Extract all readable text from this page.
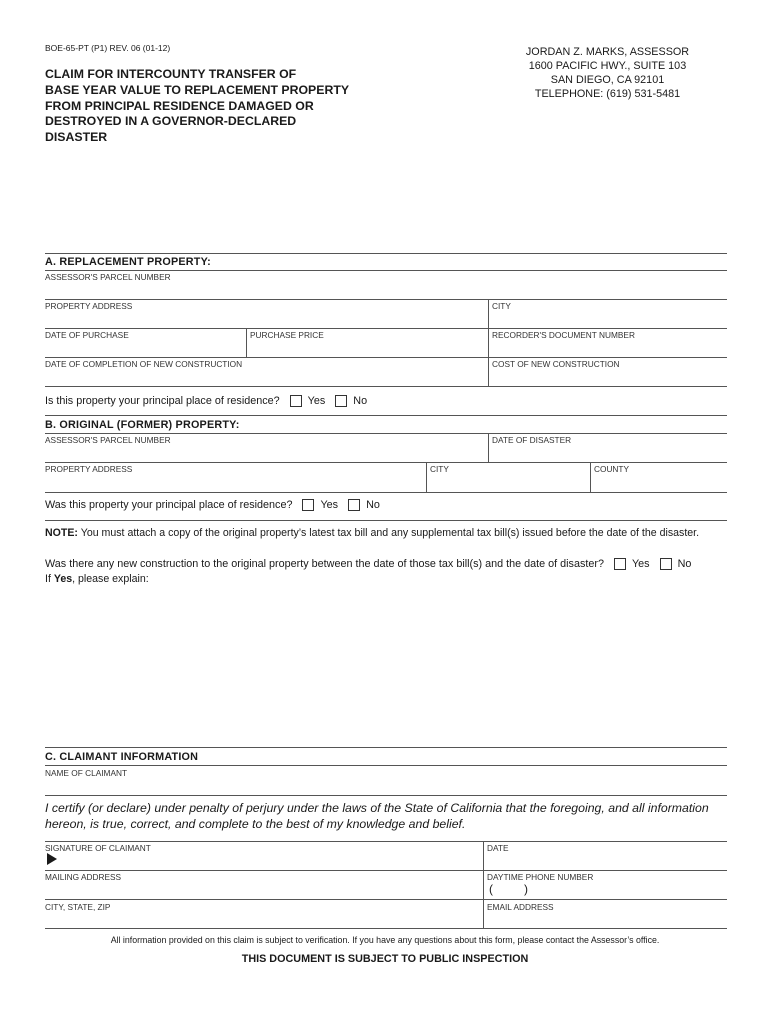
BOE-65-PT (P1) REV. 06 (01-12)
CLAIM FOR INTERCOUNTY TRANSFER OF
BASE YEAR VALUE TO REPLACEMENT PROPERTY
FROM PRINCIPAL RESIDENCE DAMAGED OR
DESTROYED IN A GOVERNOR-DECLARED
DISASTER
JORDAN Z. MARKS, ASSESSOR
1600 PACIFIC HWY., SUITE 103
SAN DIEGO, CA 92101
TELEPHONE: (619) 531-5481
A. REPLACEMENT PROPERTY:
ASSESSOR'S PARCEL NUMBER
PROPERTY ADDRESS	CITY
DATE OF PURCHASE	PURCHASE PRICE	RECORDER'S DOCUMENT NUMBER
DATE OF COMPLETION OF NEW CONSTRUCTION	COST OF NEW CONSTRUCTION
Is this property your principal place of residence?	Yes	No
B. ORIGINAL (FORMER) PROPERTY:
ASSESSOR'S PARCEL NUMBER	DATE OF DISASTER
PROPERTY ADDRESS	CITY	COUNTY
Was this property your principal place of residence?	Yes	No
NOTE: You must attach a copy of the original property’s latest tax bill and any supplemental tax bill(s) issued before the date of the disaster.
Was there any new construction to the original property between the date of those tax bill(s) and the date of disaster?	Yes	No
If Yes, please explain:
C. CLAIMANT INFORMATION
NAME OF CLAIMANT
I certify (or declare) under penalty of perjury under the laws of the State of California that the foregoing, and all information hereon, is true, correct, and complete to the best of my knowledge and belief.
SIGNATURE OF CLAIMANT	DATE
MAILING ADDRESS	DAYTIME PHONE NUMBER
(	)
CITY, STATE, ZIP	EMAIL ADDRESS
All information provided on this claim is subject to verification. If you have any questions about this form, please contact the Assessor’s office.
THIS DOCUMENT IS SUBJECT TO PUBLIC INSPECTION
